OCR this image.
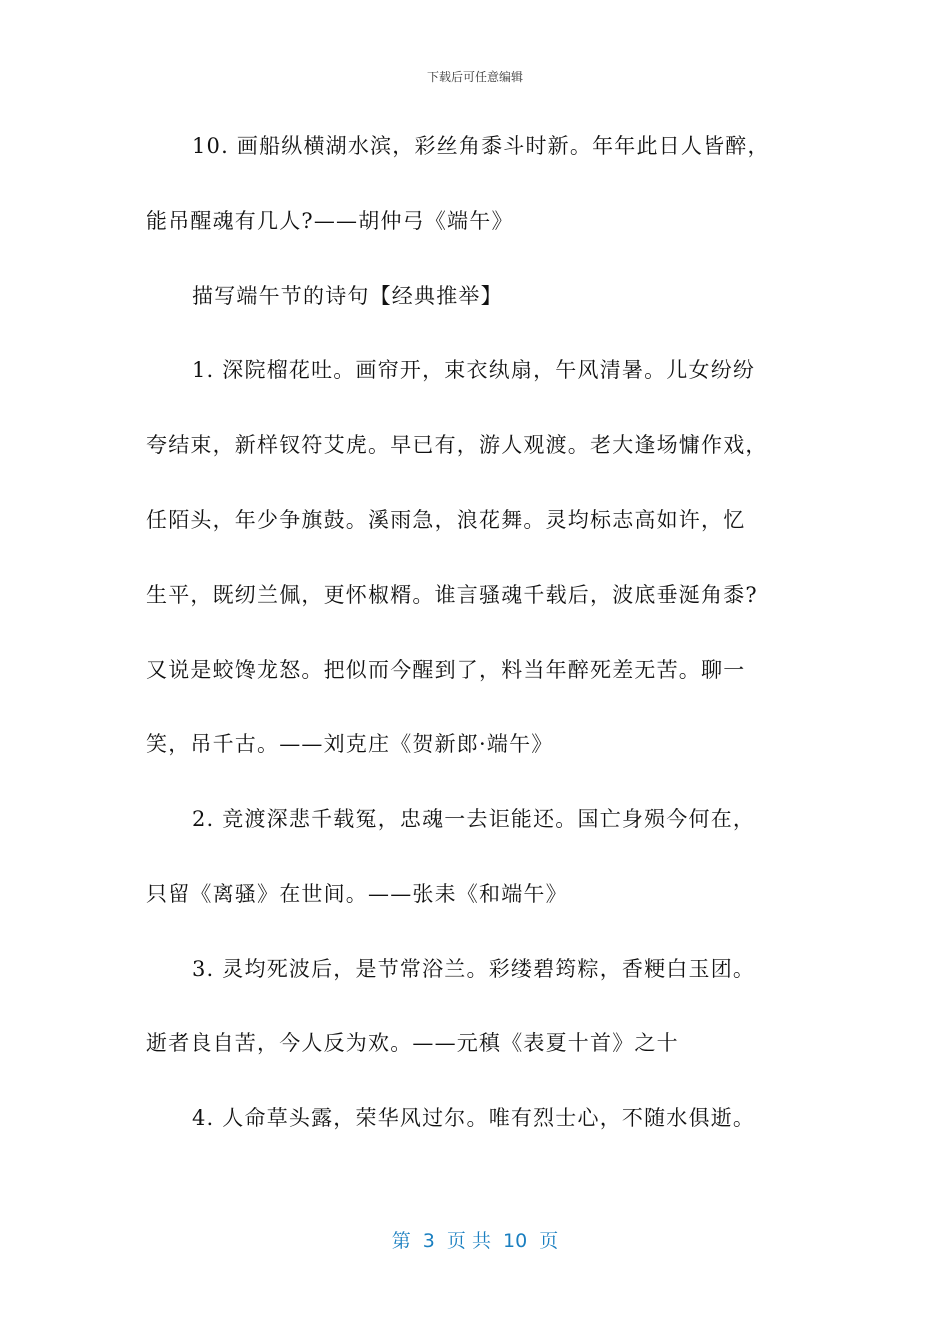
下载后可任意编辑
10. 画船纵横湖水滨，彩丝角黍斗时新。年年此日人皆醉，
能吊醒魂有几人?——胡仲弓《端午》
描写端午节的诗句【经典推举】
1. 深院榴花吐。画帘开，束衣纨扇，午风清暑。儿女纷纷
夸结束，新样钗符艾虎。早已有，游人观渡。老大逢场慵作戏，
任陌头，年少争旗鼓。溪雨急，浪花舞。灵均标志高如许，忆
生平，既纫兰佩，更怀椒糈。谁言骚魂千载后，波底垂涎角黍?
又说是蛟馋龙怒。把似而今醒到了，料当年醉死差无苦。聊一
笑，吊千古。——刘克庄《贺新郎·端午》
2. 竞渡深悲千载冤，忠魂一去讵能还。国亡身殒今何在，
只留《离骚》在世间。——张耒《和端午》
3. 灵均死波后，是节常浴兰。彩缕碧筠粽，香粳白玉团。
逝者良自苦，今人反为欢。——元稹《表夏十首》之十
4. 人命草头露，荣华风过尔。唯有烈士心，不随水俱逝。
第  3  页 共  10  页
